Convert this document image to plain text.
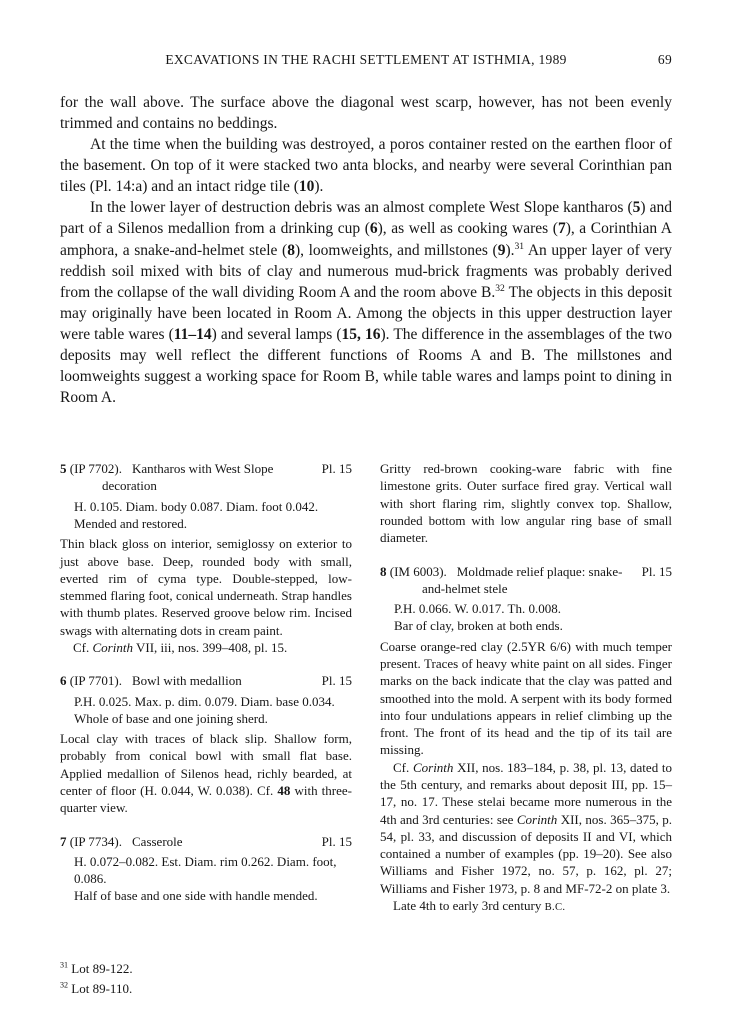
EXCAVATIONS IN THE RACHI SETTLEMENT AT ISTHMIA, 1989	69

for the wall above. The surface above the diagonal west scarp, however, has not been evenly trimmed and contains no beddings.

At the time when the building was destroyed, a poros container rested on the earthen floor of the basement. On top of it were stacked two anta blocks, and nearby were several Corinthian pan tiles (Pl. 14:a) and an intact ridge tile (10).

In the lower layer of destruction debris was an almost complete West Slope kantharos (5) and part of a Silenos medallion from a drinking cup (6), as well as cooking wares (7), a Corinthian A amphora, a snake-and-helmet stele (8), loomweights, and millstones (9).$^{31}$ An upper layer of very reddish soil mixed with bits of clay and numerous mud-brick fragments was probably derived from the collapse of the wall dividing Room A and the room above B.$^{32}$ The objects in this deposit may originally have been located in Room A. Among the objects in this upper destruction layer were table wares (11–14) and several lamps (15, 16). The difference in the assemblages of the two deposits may well reflect the different functions of Rooms A and B. The millstones and loomweights suggest a working space for Room B, while table wares and lamps point to dining in Room A.

Pl. 15
5 (IP 7702). Kantharos with West Slope decoration
H. 0.105. Diam. body 0.087. Diam. foot 0.042.
Mended and restored.

Thin black gloss on interior, semiglossy on exterior to just above base. Deep, rounded body with small, everted rim of cyma type. Double-stepped, low-stemmed flaring foot, conical underneath. Strap handles with thumb plates. Reserved groove below rim. Incised swags with alternating dots in cream paint.

Cf. Corinth VII, iii, nos. 399–408, pl. 15.

Pl. 15
6 (IP 7701). Bowl with medallion
P.H. 0.025. Max. p. dim. 0.079. Diam. base 0.034.
Whole of base and one joining sherd.

Local clay with traces of black slip. Shallow form, probably from conical bowl with small flat base. Applied medallion of Silenos head, richly bearded, at center of floor (H. 0.044, W. 0.038). Cf. 48 with three-quarter view.

Pl. 15
7 (IP 7734). Casserole
H. 0.072–0.082. Est. Diam. rim 0.262. Diam. foot, 0.086.
Half of base and one side with handle mended.

Gritty red-brown cooking-ware fabric with fine limestone grits. Outer surface fired gray. Vertical wall with short flaring rim, slightly convex top. Shallow, rounded bottom with low angular ring base of small diameter.

Pl. 15
8 (IM 6003). Moldmade relief plaque: snake-and-helmet stele
P.H. 0.066. W. 0.017. Th. 0.008.
Bar of clay, broken at both ends.

Coarse orange-red clay (2.5YR 6/6) with much temper present. Traces of heavy white paint on all sides. Finger marks on the back indicate that the clay was patted and smoothed into the mold. A serpent with its body formed into four undulations appears in relief climbing up the front. The front of its head and the tip of its tail are missing.

Cf. Corinth XII, nos. 183–184, p. 38, pl. 13, dated to the 5th century, and remarks about deposit III, pp. 15–17, no. 17. These stelai became more numerous in the 4th and 3rd centuries: see Corinth XII, nos. 365–375, p. 54, pl. 33, and discussion of deposits II and VI, which contained a number of examples (pp. 19–20). See also Williams and Fisher 1972, no. 57, p. 162, pl. 27; Williams and Fisher 1973, p. 8 and MF-72-2 on plate 3.

Late 4th to early 3rd century B.C.

$^{31}$ Lot 89-122.
$^{32}$ Lot 89-110.
